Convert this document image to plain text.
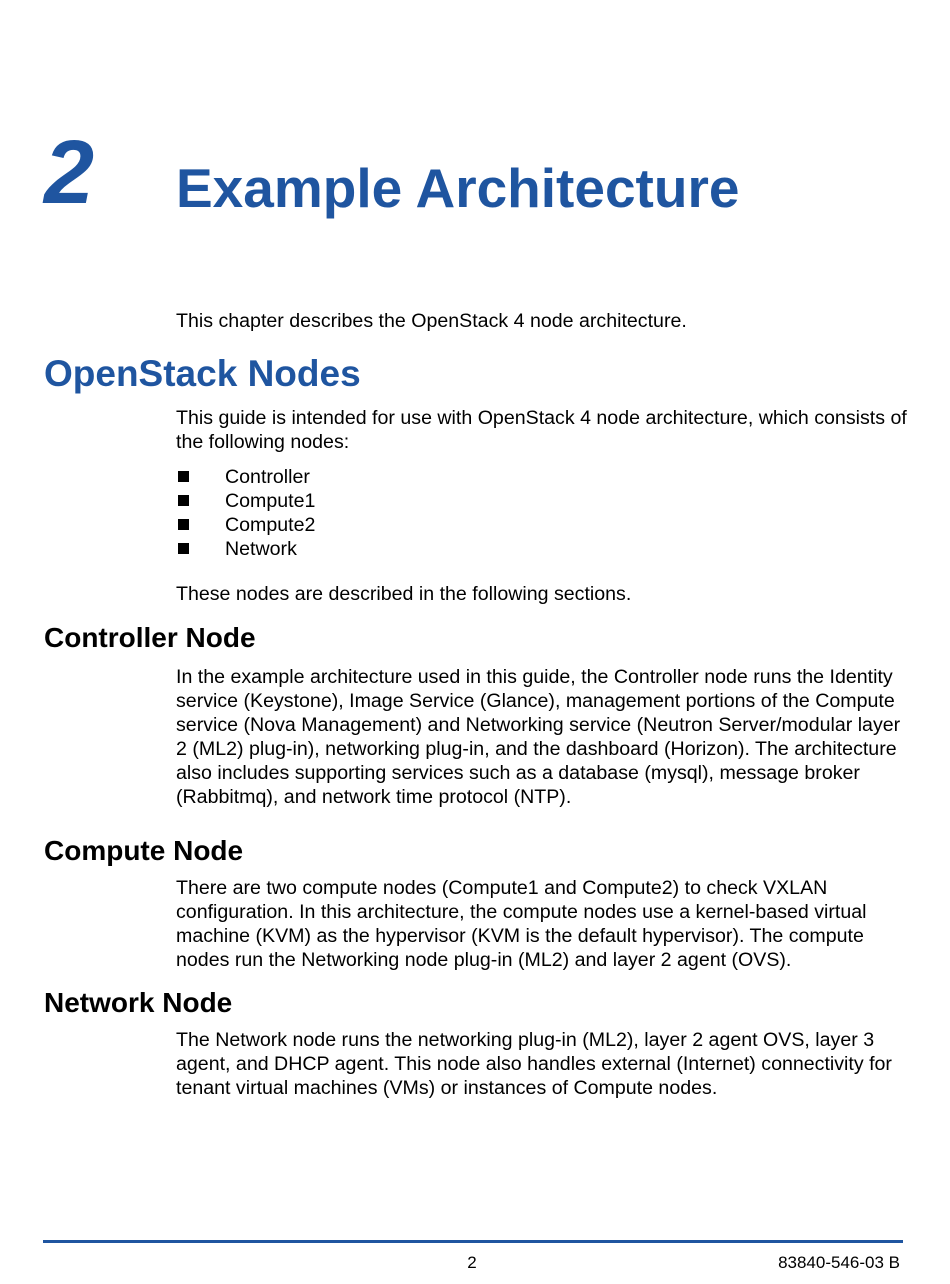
2 Example Architecture

This chapter describes the OpenStack 4 node architecture.

OpenStack Nodes

This guide is intended for use with OpenStack 4 node architecture, which consists of the following nodes:

Controller
Compute1
Compute2
Network

These nodes are described in the following sections.

Controller Node

In the example architecture used in this guide, the Controller node runs the Identity service (Keystone), Image Service (Glance), management portions of the Compute service (Nova Management) and Networking service (Neutron Server/modular layer 2 (ML2) plug-in), networking plug-in, and the dashboard (Horizon). The architecture also includes supporting services such as a database (mysql), message broker (Rabbitmq), and network time protocol (NTP).

Compute Node

There are two compute nodes (Compute1 and Compute2) to check VXLAN configuration. In this architecture, the compute nodes use a kernel-based virtual machine (KVM) as the hypervisor (KVM is the default hypervisor). The compute nodes run the Networking node plug-in (ML2) and layer 2 agent (OVS).

Network Node

The Network node runs the networking plug-in (ML2), layer 2 agent OVS, layer 3 agent, and DHCP agent. This node also handles external (Internet) connectivity for tenant virtual machines (VMs) or instances of Compute nodes.

2	83840-546-03 B
